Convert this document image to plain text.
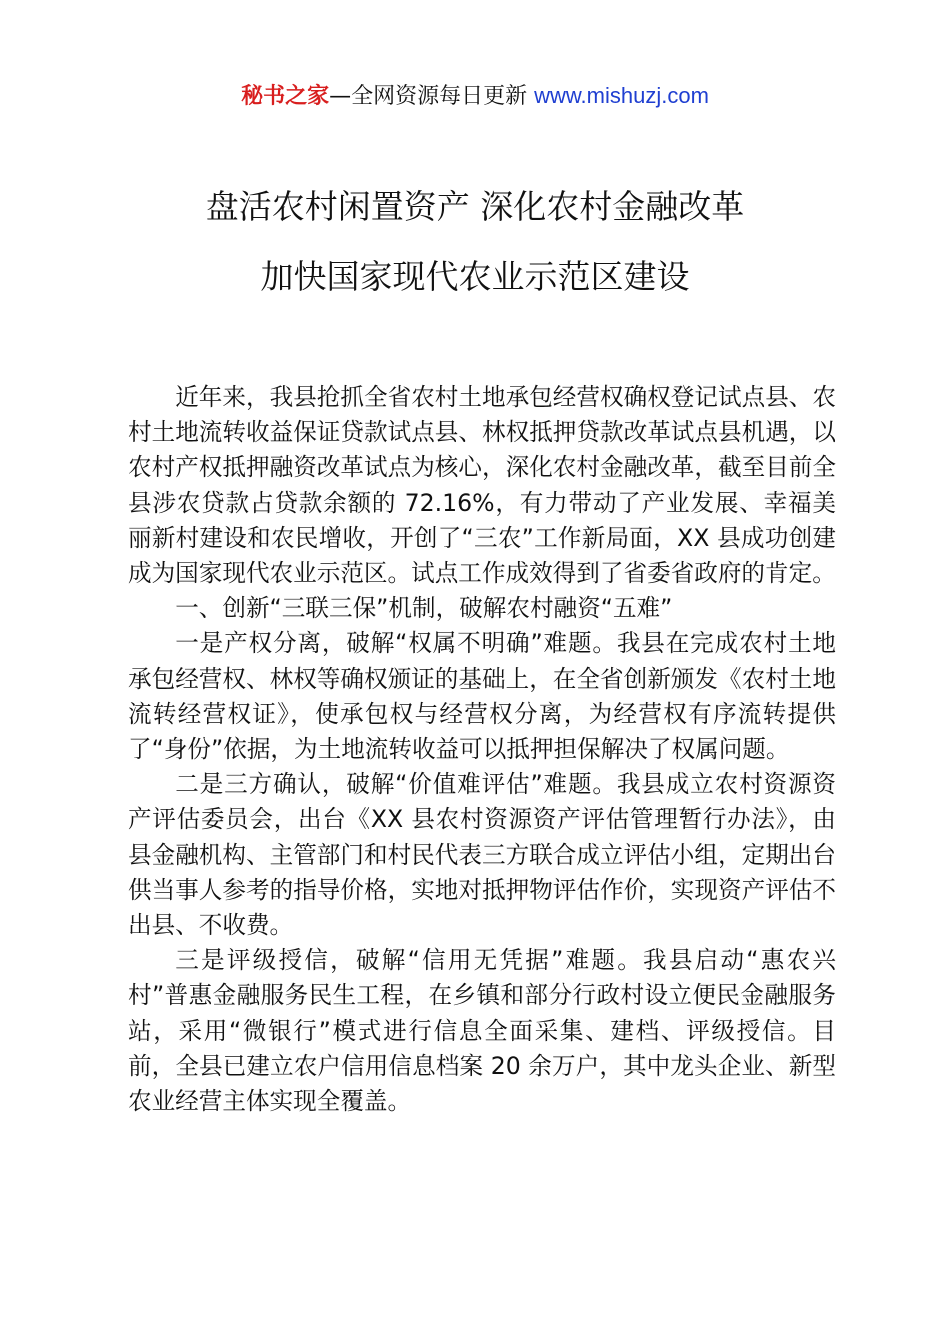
秘书之家—全网资源每日更新 www.mishuzj.com
盘活农村闲置资产 深化农村金融改革
加快国家现代农业示范区建设

近年来，我县抢抓全省农村土地承包经营权确权登记试点县、农村土地流转收益保证贷款试点县、林权抵押贷款改革试点县机遇，以农村产权抵押融资改革试点为核心，深化农村金融改革，截至目前全县涉农贷款占贷款余额的 72.16%，有力带动了产业发展、幸福美丽新村建设和农民增收，开创了“三农”工作新局面，XX 县成功创建成为国家现代农业示范区。试点工作成效得到了省委省政府的肯定。

一、创新“三联三保”机制，破解农村融资“五难”

一是产权分离，破解“权属不明确”难题。我县在完成农村土地承包经营权、林权等确权颁证的基础上，在全省创新颁发《农村土地流转经营权证》，使承包权与经营权分离，为经营权有序流转提供了“身份”依据，为土地流转收益可以抵押担保解决了权属问题。

二是三方确认，破解“价值难评估”难题。我县成立农村资源资产评估委员会，出台《XX 县农村资源资产评估管理暂行办法》，由县金融机构、主管部门和村民代表三方联合成立评估小组，定期出台供当事人参考的指导价格，实地对抵押物评估作价，实现资产评估不出县、不收费。

三是评级授信，破解“信用无凭据”难题。我县启动“惠农兴村”普惠金融服务民生工程，在乡镇和部分行政村设立便民金融服务站，采用“微银行”模式进行信息全面采集、建档、评级授信。目前，全县已建立农户信用信息档案 20 余万户，其中龙头企业、新型农业经营主体实现全覆盖。
